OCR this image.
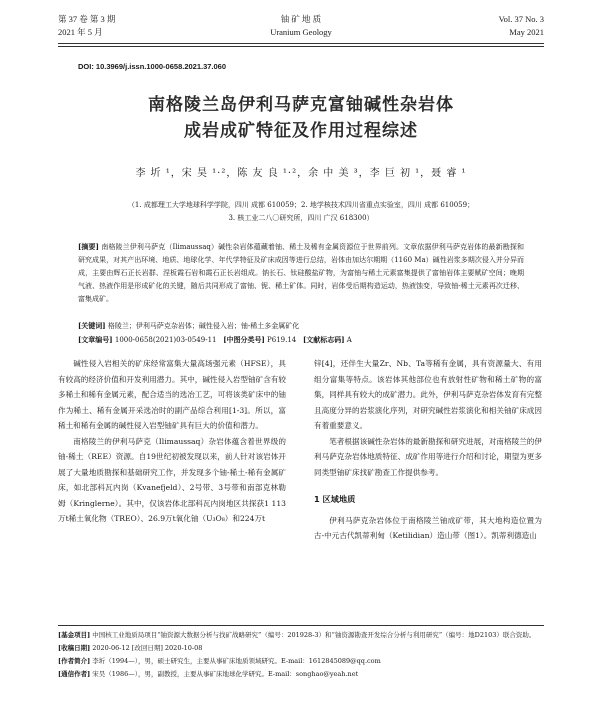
第 37 卷 第 3 期
2021 年 5 月
铀 矿 地 质
Uranium Geology
Vol. 37 No. 3
May 2021
DOI: 10.3969/j.issn.1000-0658.2021.37.060
南格陵兰岛伊利马萨克富铀碱性杂岩体
成岩成矿特征及作用过程综述
李 圻 ¹，宋 昊 ¹·²，陈 友 良 ¹·²，余 中 美 ³，李 巨 初 ¹，聂 睿 ¹
（1. 成都理工大学地球科学学院，四川 成都 610059；2. 地学核技术四川省重点实验室，四川 成都 610059；
3. 核工业二八〇研究所，四川 广汉 618300）

[摘要] 南格陵兰伊利马萨克（Ilimaussaq）碱性杂岩体蕴藏着铀、稀土及稀有金属资源位于世界前列。文章依据伊利马萨克岩体的最新勘探和研究成果，对其产出环境、地质、地球化学、年代学特征及矿床成因等进行总结，岩体由加达尔期期（1160 Ma）碱性岩浆多期次侵入并分异而成，主要由辉石正长岩群、涅板霞石岩和霞石正长岩组成。钠长石、钛硅酸盐矿物，为富铀与稀土元素富集提供了富铀岩体主要赋矿空间；晚期气液、热液作用是形成矿化的关键，随后共同形成了富铀、铌、稀土矿体。同时，岩体受后期构造运动，热液蚀变，导致铀-稀土元素再次迁移、富集成矿。

[关键词] 格陵兰；伊利马萨克杂岩体；碱性侵入岩；铀-稀土多金属矿化
[文章编号] 1000-0658(2021)03-0549-11 [中图分类号] P619.14 [文献标志码] A

碱性侵入岩相关的矿床经常富集大量高场强元素（HFSE），具有较高的经济价值和开发利用潜力。其中，碱性侵入岩型铀矿含有较多稀土和稀有金属元素，配合适当的选冶工艺，可将该类矿床中的铀作为稀土、稀有金属开采选冶时的副产品综合利用[1-3]。所以，富稀土和稀有金属的碱性侵入岩型铀矿具有巨大的价值和潜力。

南格陵兰的伊利马萨克（Ilimaussaq）杂岩体蕴含着世界级的铀-稀土（REE）资源。自19世纪初被发现以来，前人针对该岩体开展了大量地质勘探和基础研究工作，并发现多个铀-稀土-稀有金属矿床，如北部科瓦内岗（Kvanefjeld）、2号带、3号带和南部克林勒姆（Kringlerne）。其中，仅该岩体北部科瓦内岗地区共探获1 113万t稀土氧化物（TREO）、26.9万t氧化铀（U₃O₈）和224万t

锌[4]，还伴生大量Zr、Nb、Ta等稀有金属，具有资源量大、有用组分富集等特点。该岩体其他部位也有放射性矿物和稀土矿物的富集，同样具有较大的成矿潜力。此外，伊利马萨克杂岩体发育有完整且高度分异的岩浆演化序列，对研究碱性岩浆演化和相关铀矿床成因有着重要意义。

笔者根据该碱性杂岩体的最新勘探和研究进展，对南格陵兰的伊利马萨克杂岩体地质特征、成矿作用等进行介绍和讨论，期望为更多同类型铀矿床找矿勘查工作提供参考。

1 区域地质

伊利马萨克杂岩体位于南格陵兰铀成矿带，其大地构造位置为古-中元古代凯蒂利甸（Ketilidian）造山带（图1）。凯蒂利德造山

[基金项目] 中国核工业地质局项目“铀资源大数据分析与找矿战略研究”（编号：201928-3）和“铀资源勘查开发综合分析与利用研究”（编号：地D2103）联合资助。

[收稿日期] 2020-06-12 [改回日期] 2020-10-08

[作者简介] 李圻（1994—），男，硕士研究生，主要从事矿床地质领域研究。E-mail：1612845089@qq.com

[通信作者] 宋昊（1986—），男，副教授，主要从事矿床地球化学研究。E-mail：songhao@yeah.net
